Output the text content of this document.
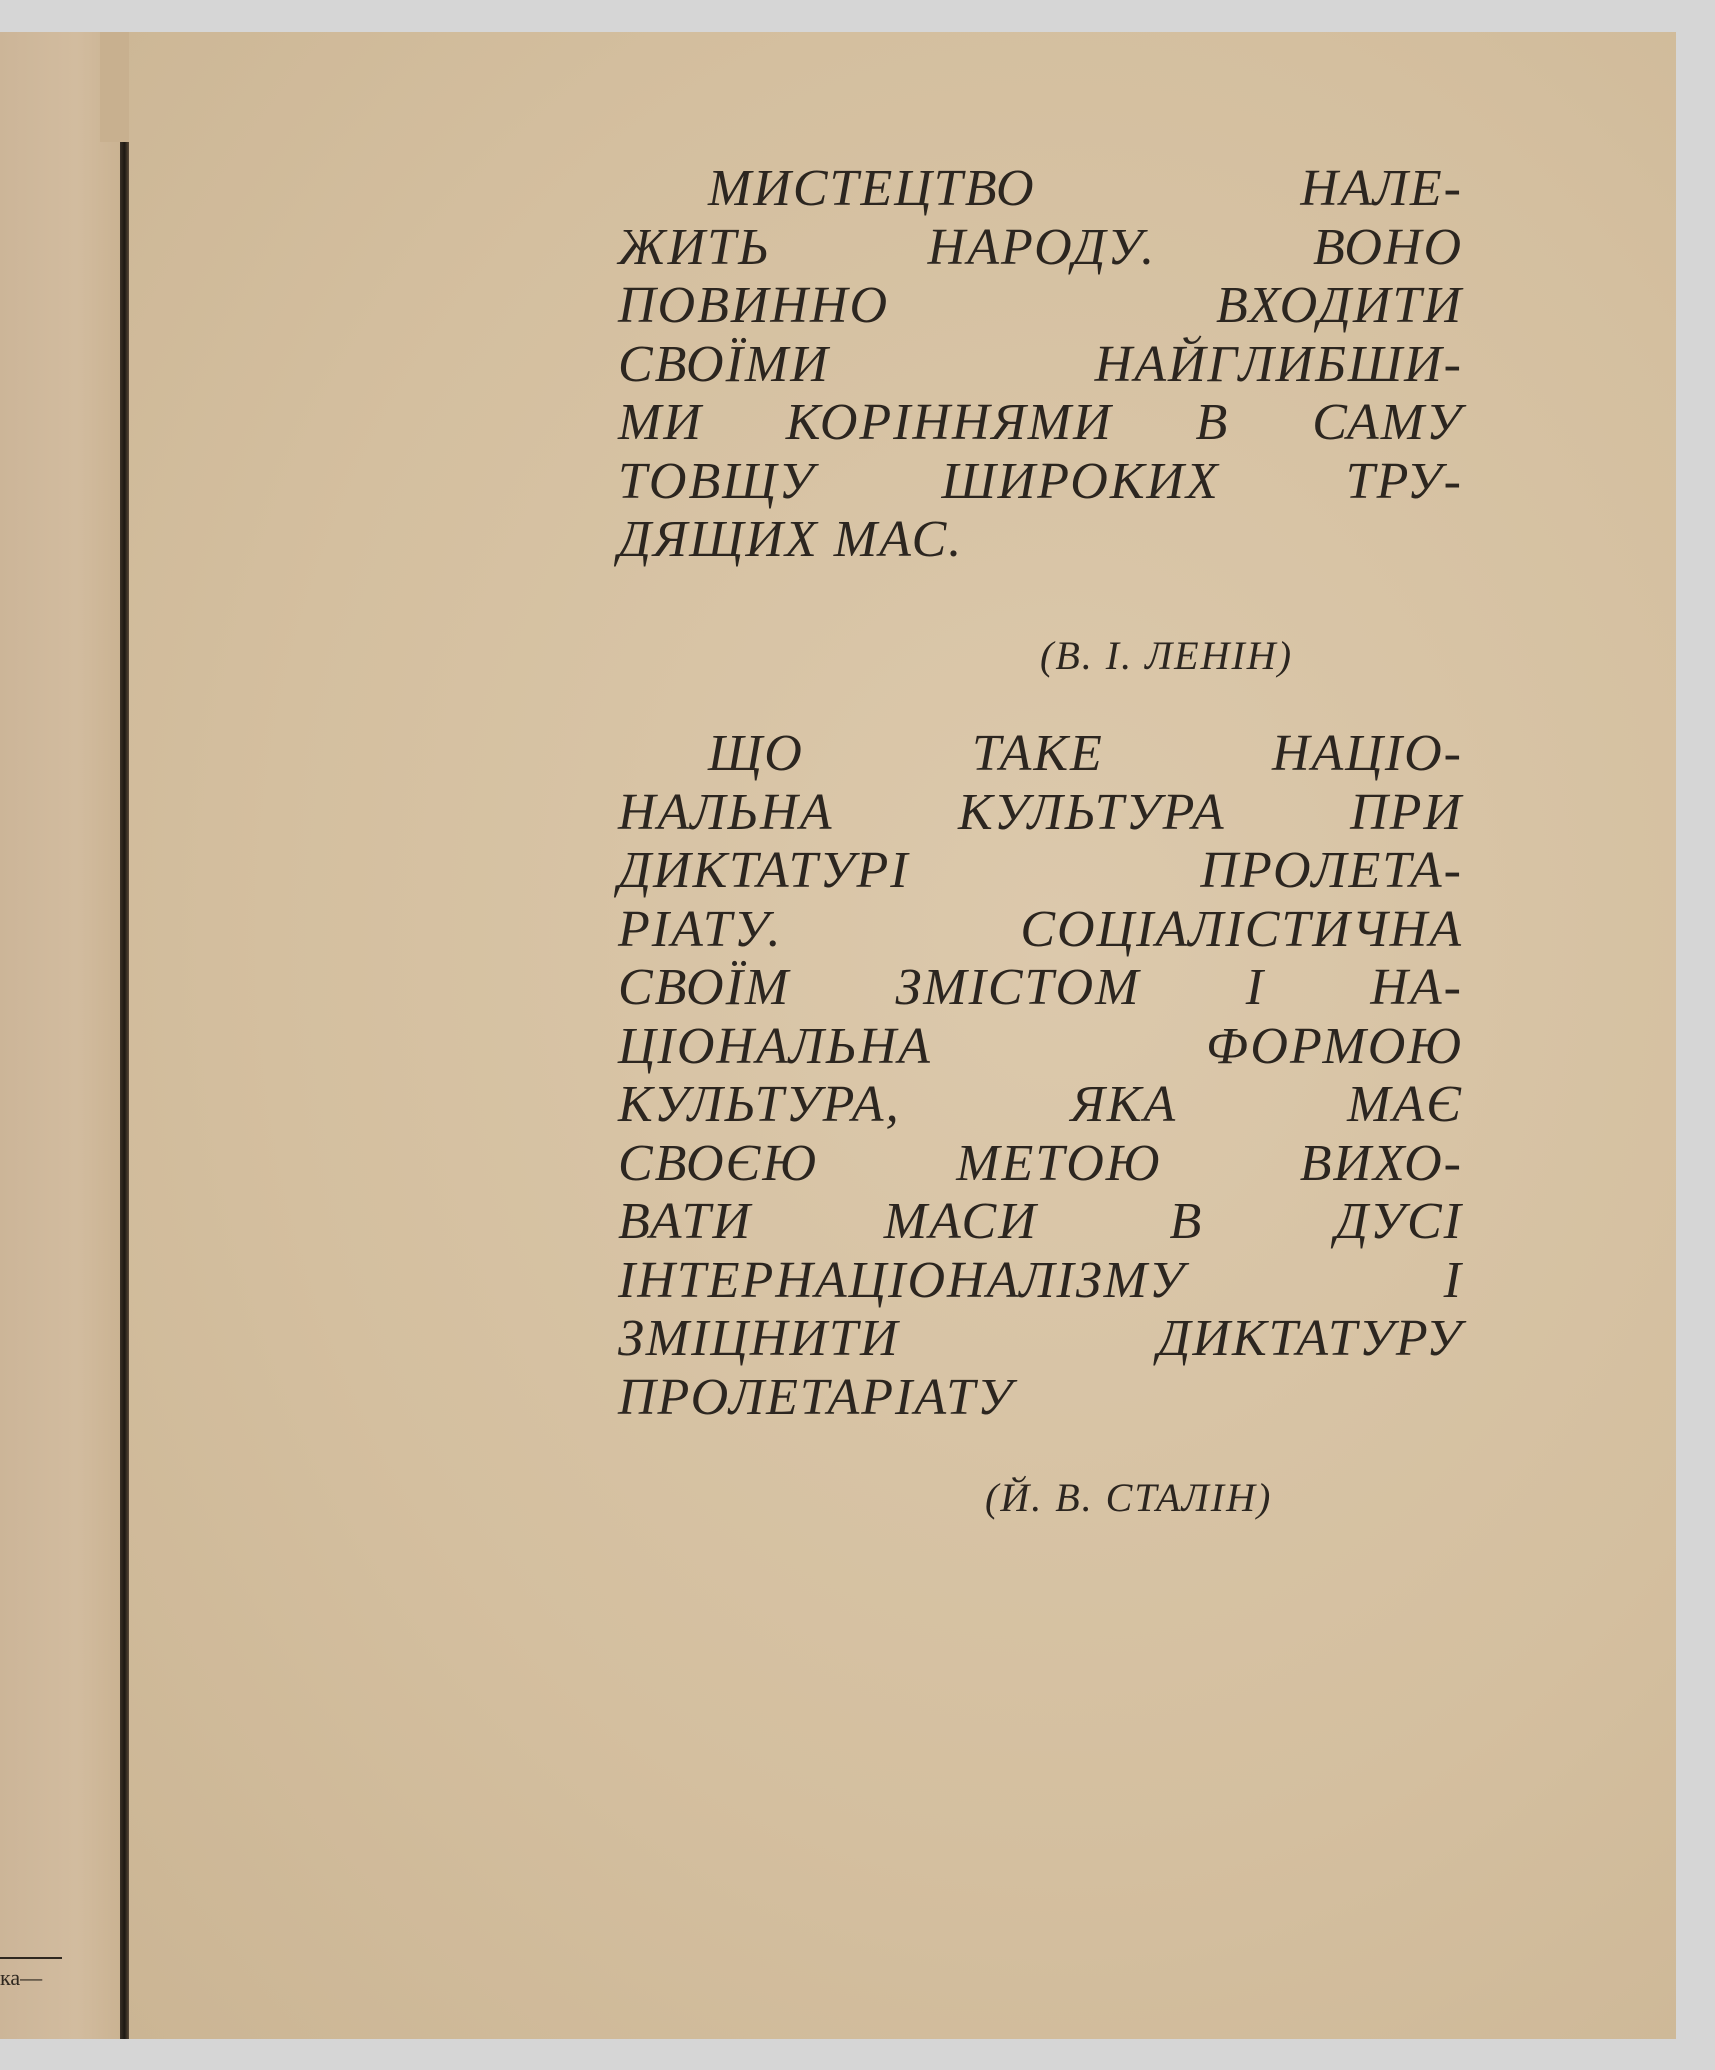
ка—
МИСТЕЦТВО НАЛЕ-
ЖИТЬ НАРОДУ. ВОНО
ПОВИННО ВХОДИТИ
СВОЇМИ НАЙГЛИБШИ-
МИ КОРІННЯМИ В САМУ
ТОВЩУ ШИРОКИХ ТРУ-
ДЯЩИХ МАС.
(В. І. ЛЕНІН)
ЩО ТАКЕ НАЦІО-
НАЛЬНА КУЛЬТУРА ПРИ
ДИКТАТУРІ ПРОЛЕТА-
РІАТУ. СОЦІАЛІСТИЧНА
СВОЇМ ЗМІСТОМ І НА-
ЦІОНАЛЬНА ФОРМОЮ
КУЛЬТУРА, ЯКА МАЄ
СВОЄЮ МЕТОЮ ВИХО-
ВАТИ МАСИ В ДУСІ
ІНТЕРНАЦІОНАЛІЗМУ І
ЗМІЦНИТИ ДИКТАТУРУ
ПРОЛЕТАРІАТУ
(Й. В. СТАЛІН)
